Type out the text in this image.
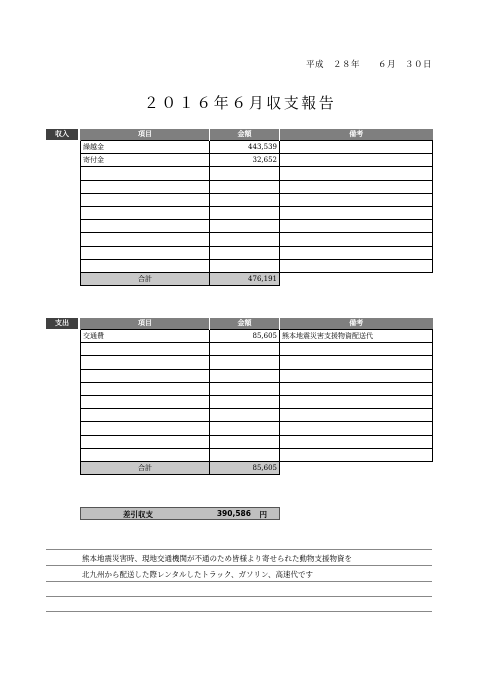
平成　２８年　　６月　３０日
２０１６年６月収支報告
収入	項目	金額	備考
繰越金	443,539	
寄付金	32,652	

合計	476,191	
支出	項目	金額	備考
交通費	85,605	熊本地震災害支援物資配送代

合計	85,605	
差引収支	390,586 円
熊本地震災害時、現地交通機関が不通のため皆様より寄せられた動物支援物資を
北九州から配送した際レンタルしたトラック、ガソリン、高速代です
